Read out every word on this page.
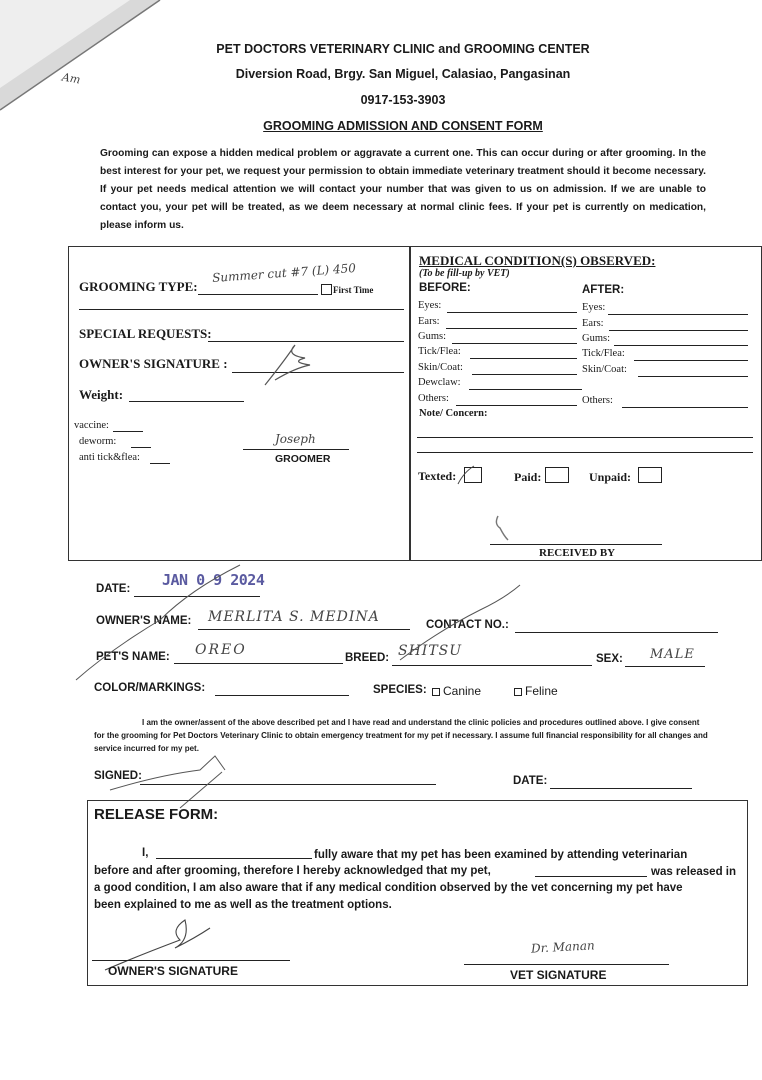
Am
PET DOCTORS VETERINARY CLINIC and GROOMING CENTER
Diversion Road, Brgy. San Miguel, Calasiao, Pangasinan
0917-153-3903
GROOMING ADMISSION AND CONSENT FORM
Grooming can expose a hidden medical problem or aggravate a current one. This can occur during or after grooming. In the best interest for your pet, we request your permission to obtain immediate veterinary treatment should it become necessary. If your pet needs medical attention we will contact your number that was given to us on admission. If we are unable to contact you, your pet will be treated, as we deem necessary at normal clinic fees. If your pet is currently on medication, please inform us.
GROOMING TYPE:
Summer cut #7 (L) 450
First Time
SPECIAL REQUESTS:
OWNER'S SIGNATURE :
Weight:
vaccine:
deworm:
anti tick&flea:
Joseph
GROOMER
MEDICAL CONDITION(S) OBSERVED:
(To be fill-up by VET)
BEFORE:	AFTER:
Eyes:
Ears:
Gums:
Tick/Flea:
Skin/Coat:
Dewclaw:
Others:
Eyes:
Ears:
Gums:
Tick/Flea:
Skin/Coat:
Others:
Note/ Concern:
Texted:	Paid:	Unpaid:
RECEIVED BY
DATE: JAN 0 9 2024
OWNER'S NAME: MERLITA S. MEDINA	CONTACT NO.:
PET'S NAME: OREO	BREED: SHITSU	SEX: MALE
COLOR/MARKINGS:	SPECIES: Canine	Feline
I am the owner/assent of the above described pet and I have read and understand the clinic policies and procedures outlined above. I give consent for the grooming for Pet Doctors Veterinary Clinic to obtain emergency treatment for my pet if necessary. I assume full financial responsibility for all changes and service incurred for my pet.
SIGNED:	DATE:
RELEASE FORM:
I,	fully aware that my pet has been examined by attending veterinarian
before and after grooming, therefore I hereby acknowledged that my pet,	was released in
a good condition, I am also aware that if any medical condition observed by the vet concerning my pet have
been explained to me as well as the treatment options.
OWNER'S SIGNATURE
Dr. Manan
VET SIGNATURE
